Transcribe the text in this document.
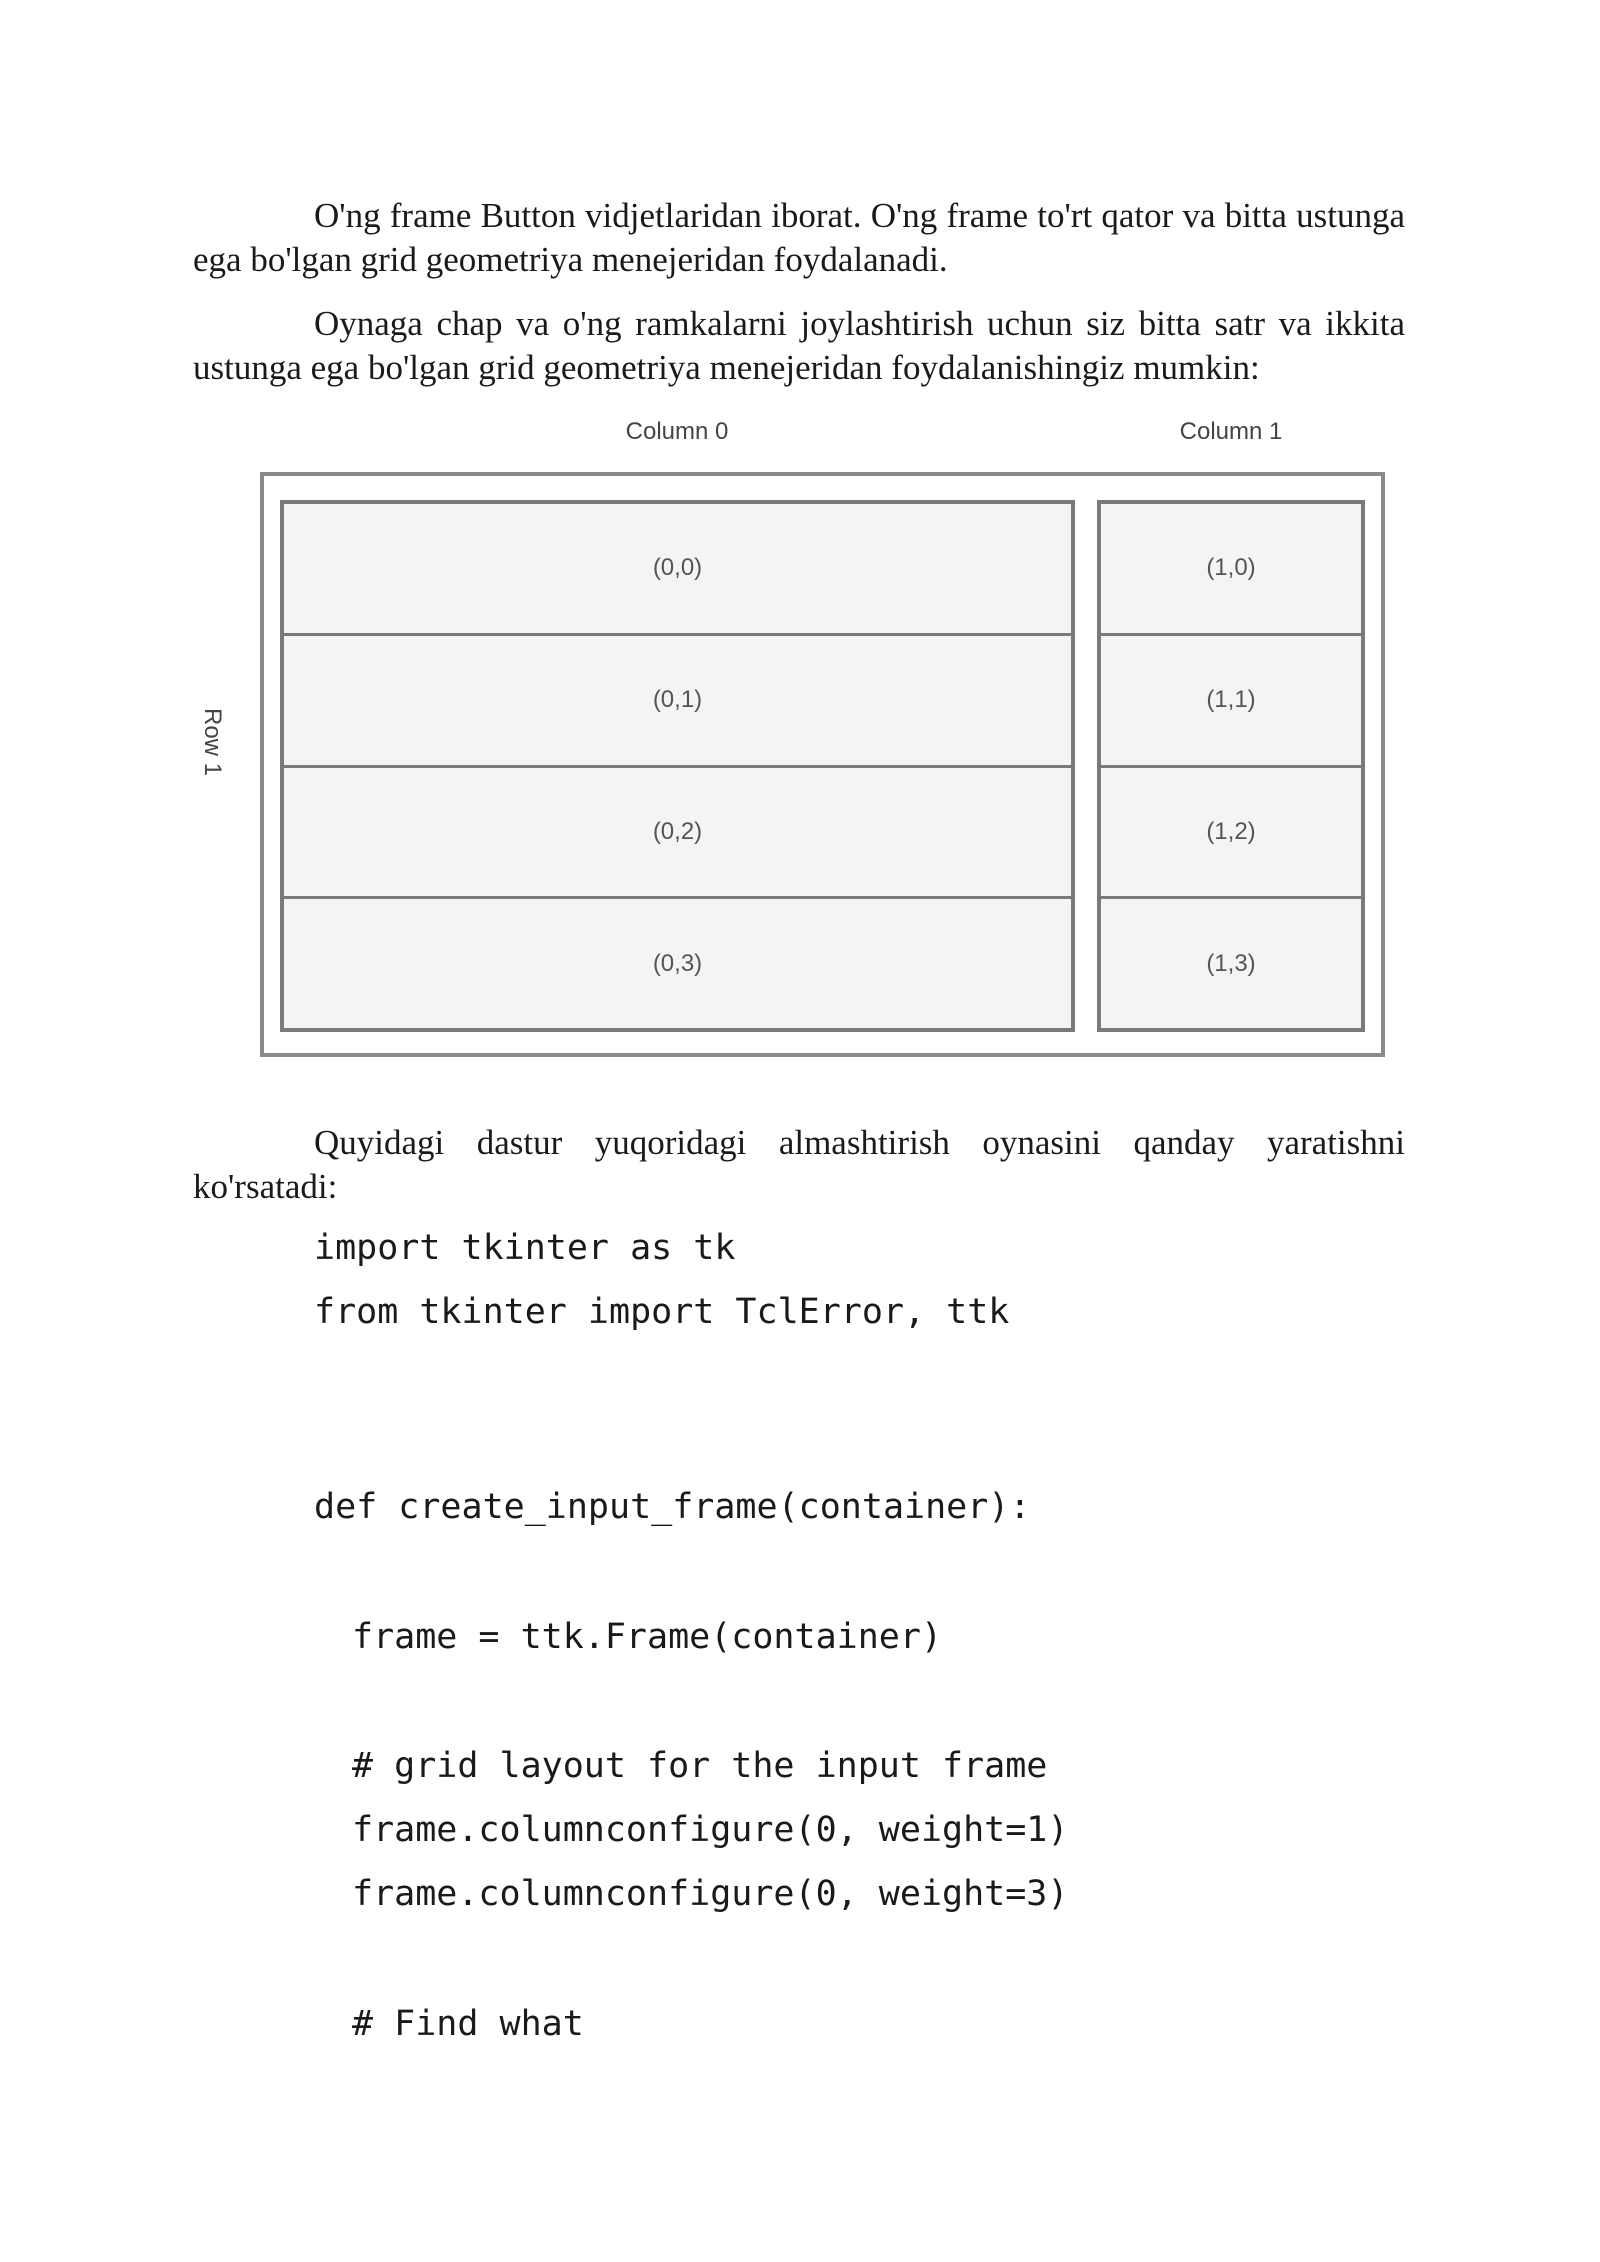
O'ng frame Button vidjetlaridan iborat. O'ng frame to'rt qator va bitta ustunga ega bo'lgan grid geometriya menejeridan foydalanadi.

Oynaga chap va o'ng ramkalarni joylashtirish uchun siz bitta satr va ikkita ustunga ega bo'lgan grid geometriya menejeridan foydalanishingiz mumkin:

Column 0	Column 1
Row 1
(0,0)
(0,1)
(0,2)
(0,3)
(1,0)
(1,1)
(1,2)
(1,3)

Quyidagi dastur yuqoridagi almashtirish oynasini qanday yaratishni ko'rsatadi:

import tkinter as tk
from tkinter import TclError, ttk
def create_input_frame(container):
frame = ttk.Frame(container)
# grid layout for the input frame
frame.columnconfigure(0, weight=1)
frame.columnconfigure(0, weight=3)
# Find what
